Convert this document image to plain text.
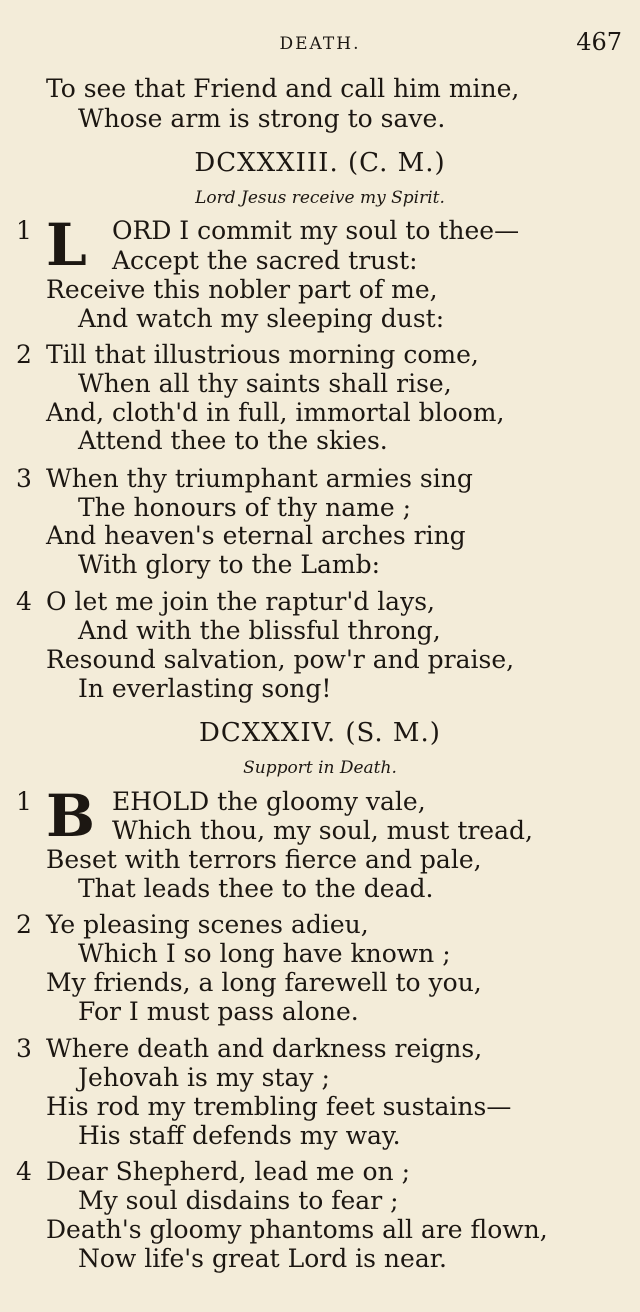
DEATH.	467
To see that Friend and call him mine,
Whose arm is strong to save.
DCXXXIII. (C. M.)
Lord Jesus receive my Spirit.
1 L ORD I commit my soul to thee—
Accept the sacred trust:
Receive this nobler part of me,
And watch my sleeping dust:
2 Till that illustrious morning come,
When all thy saints shall rise,
And, cloth'd in full, immortal bloom,
Attend thee to the skies.
3 When thy triumphant armies sing
The honours of thy name ;
And heaven's eternal arches ring
With glory to the Lamb:
4 O let me join the raptur'd lays,
And with the blissful throng,
Resound salvation, pow'r and praise,
In everlasting song!
DCXXXIV. (S. M.)
Support in Death.
1 B EHOLD the gloomy vale,
Which thou, my soul, must tread,
Beset with terrors fierce and pale,
That leads thee to the dead.
2 Ye pleasing scenes adieu,
Which I so long have known ;
My friends, a long farewell to you,
For I must pass alone.
3 Where death and darkness reigns,
Jehovah is my stay ;
His rod my trembling feet sustains—
His staff defends my way.
4 Dear Shepherd, lead me on ;
My soul disdains to fear ;
Death's gloomy phantoms all are flown,
Now life's great Lord is near.
